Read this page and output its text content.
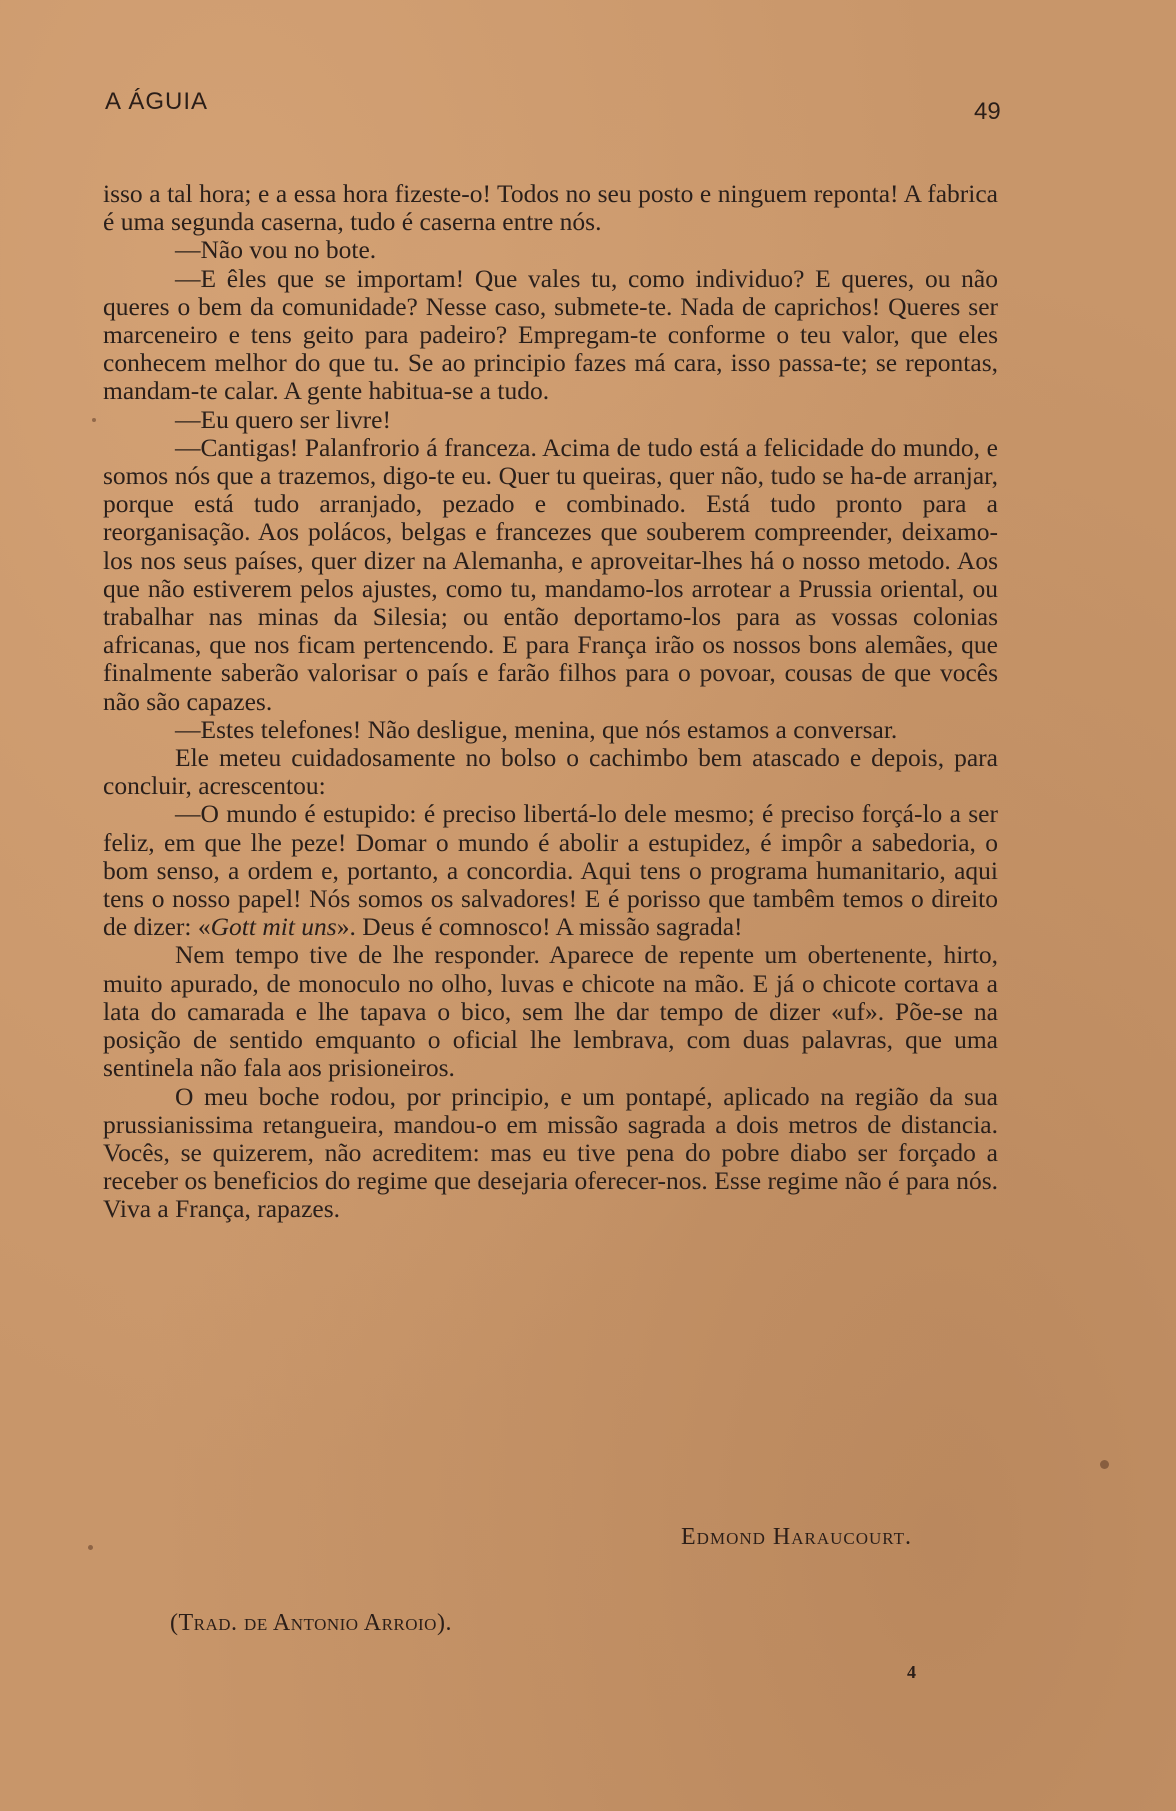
A ÁGUIA	49

isso a tal hora; e a essa hora fizeste-o! Todos no seu posto e ninguem reponta! A fabrica é uma segunda caserna, tudo é caserna entre nós.

—Não vou no bote.

—E êles que se importam! Que vales tu, como individuo? E queres, ou não queres o bem da comunidade? Nesse caso, submete-te. Nada de caprichos! Queres ser marceneiro e tens geito para padeiro? Empregam-te conforme o teu valor, que eles conhecem melhor do que tu. Se ao principio fazes má cara, isso passa-te; se repontas, mandam-te calar. A gente habitua-se a tudo.

—Eu quero ser livre!

—Cantigas! Palanfrorio á franceza. Acima de tudo está a felicidade do mundo, e somos nós que a trazemos, digo-te eu. Quer tu queiras, quer não, tudo se ha-de arranjar, porque está tudo arranjado, pezado e combinado. Está tudo pronto para a reorganisação. Aos polácos, belgas e francezes que souberem compreender, deixamo-los nos seus países, quer dizer na Alemanha, e aproveitar-lhes há o nosso metodo. Aos que não estiverem pelos ajustes, como tu, mandamo-los arrotear a Prussia oriental, ou trabalhar nas minas da Silesia; ou então deportamo-los para as vossas colonias africanas, que nos ficam pertencendo. E para França irão os nossos bons alemães, que finalmente saberão valorisar o país e farão filhos para o povoar, cousas de que vocês não são capazes.

—Estes telefones! Não desligue, menina, que nós estamos a conversar.

Ele meteu cuidadosamente no bolso o cachimbo bem atascado e depois, para concluir, acrescentou:

—O mundo é estupido: é preciso libertá-lo dele mesmo; é preciso forçá-lo a ser feliz, em que lhe peze! Domar o mundo é abolir a estupidez, é impôr a sabedoria, o bom senso, a ordem e, portanto, a concordia. Aqui tens o programa humanitario, aqui tens o nosso papel! Nós somos os salvadores! E é porisso que tambêm temos o direito de dizer: «Gott mit uns». Deus é comnosco! A missão sagrada!

Nem tempo tive de lhe responder. Aparece de repente um obertenente, hirto, muito apurado, de monoculo no olho, luvas e chicote na mão. E já o chicote cortava a lata do camarada e lhe tapava o bico, sem lhe dar tempo de dizer «uf». Põe-se na posição de sentido emquanto o oficial lhe lembrava, com duas palavras, que uma sentinela não fala aos prisioneiros.

O meu boche rodou, por principio, e um pontapé, aplicado na região da sua prussianissima retangueira, mandou-o em missão sagrada a dois metros de distancia. Vocês, se quizerem, não acreditem: mas eu tive pena do pobre diabo ser forçado a receber os beneficios do regime que desejaria oferecer-nos. Esse regime não é para nós. Viva a França, rapazes.

Edmond Haraucourt.
(Trad. de Antonio Arroio).
4
